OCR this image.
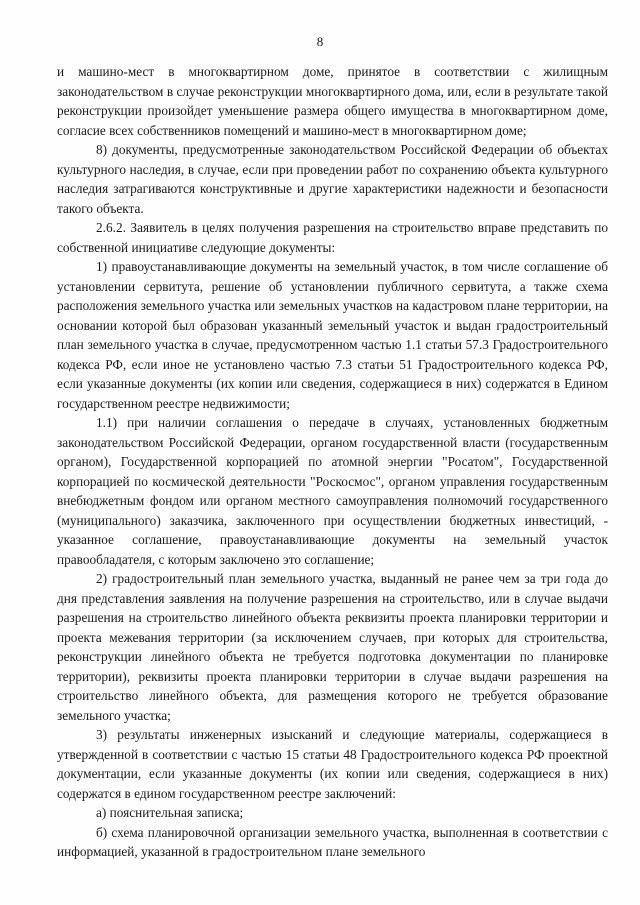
8

и машино-мест в многоквартирном доме, принятое в соответствии с жилищным законодательством в случае реконструкции многоквартирного дома, или, если в результате такой реконструкции произойдет уменьшение размера общего имущества в многоквартирном доме, согласие всех собственников помещений и машино-мест в многоквартирном доме;

8) документы, предусмотренные законодательством Российской Федерации об объектах культурного наследия, в случае, если при проведении работ по сохранению объекта культурного наследия затрагиваются конструктивные и другие характеристики надежности и безопасности такого объекта.

2.6.2. Заявитель в целях получения разрешения на строительство вправе представить по собственной инициативе следующие документы:

1) правоустанавливающие документы на земельный участок, в том числе соглашение об установлении сервитута, решение об установлении публичного сервитута, а также схема расположения земельного участка или земельных участков на кадастровом плане территории, на основании которой был образован указанный земельный участок и выдан градостроительный план земельного участка в случае, предусмотренном частью 1.1 статьи 57.3 Градостроительного кодекса РФ, если иное не установлено частью 7.3 статьи 51 Градостроительного кодекса РФ, если указанные документы (их копии или сведения, содержащиеся в них) содержатся в Едином государственном реестре недвижимости;

1.1) при наличии соглашения о передаче в случаях, установленных бюджетным законодательством Российской Федерации, органом государственной власти (государственным органом), Государственной корпорацией по атомной энергии "Росатом", Государственной корпорацией по космической деятельности "Роскосмос", органом управления государственным внебюджетным фондом или органом местного самоуправления полномочий государственного (муниципального) заказчика, заключенного при осуществлении бюджетных инвестиций, - указанное соглашение, правоустанавливающие документы на земельный участок правообладателя, с которым заключено это соглашение;

2) градостроительный план земельного участка, выданный не ранее чем за три года до дня представления заявления на получение разрешения на строительство, или в случае выдачи разрешения на строительство линейного объекта реквизиты проекта планировки территории и проекта межевания территории (за исключением случаев, при которых для строительства, реконструкции линейного объекта не требуется подготовка документации по планировке территории), реквизиты проекта планировки территории в случае выдачи разрешения на строительство линейного объекта, для размещения которого не требуется образование земельного участка;

3) результаты инженерных изысканий и следующие материалы, содержащиеся в утвержденной в соответствии с частью 15 статьи 48 Градостроительного кодекса РФ проектной документации, если указанные документы (их копии или сведения, содержащиеся в них) содержатся в едином государственном реестре заключений:

а) пояснительная записка;

б) схема планировочной организации земельного участка, выполненная в соответствии с информацией, указанной в градостроительном плане земельного
